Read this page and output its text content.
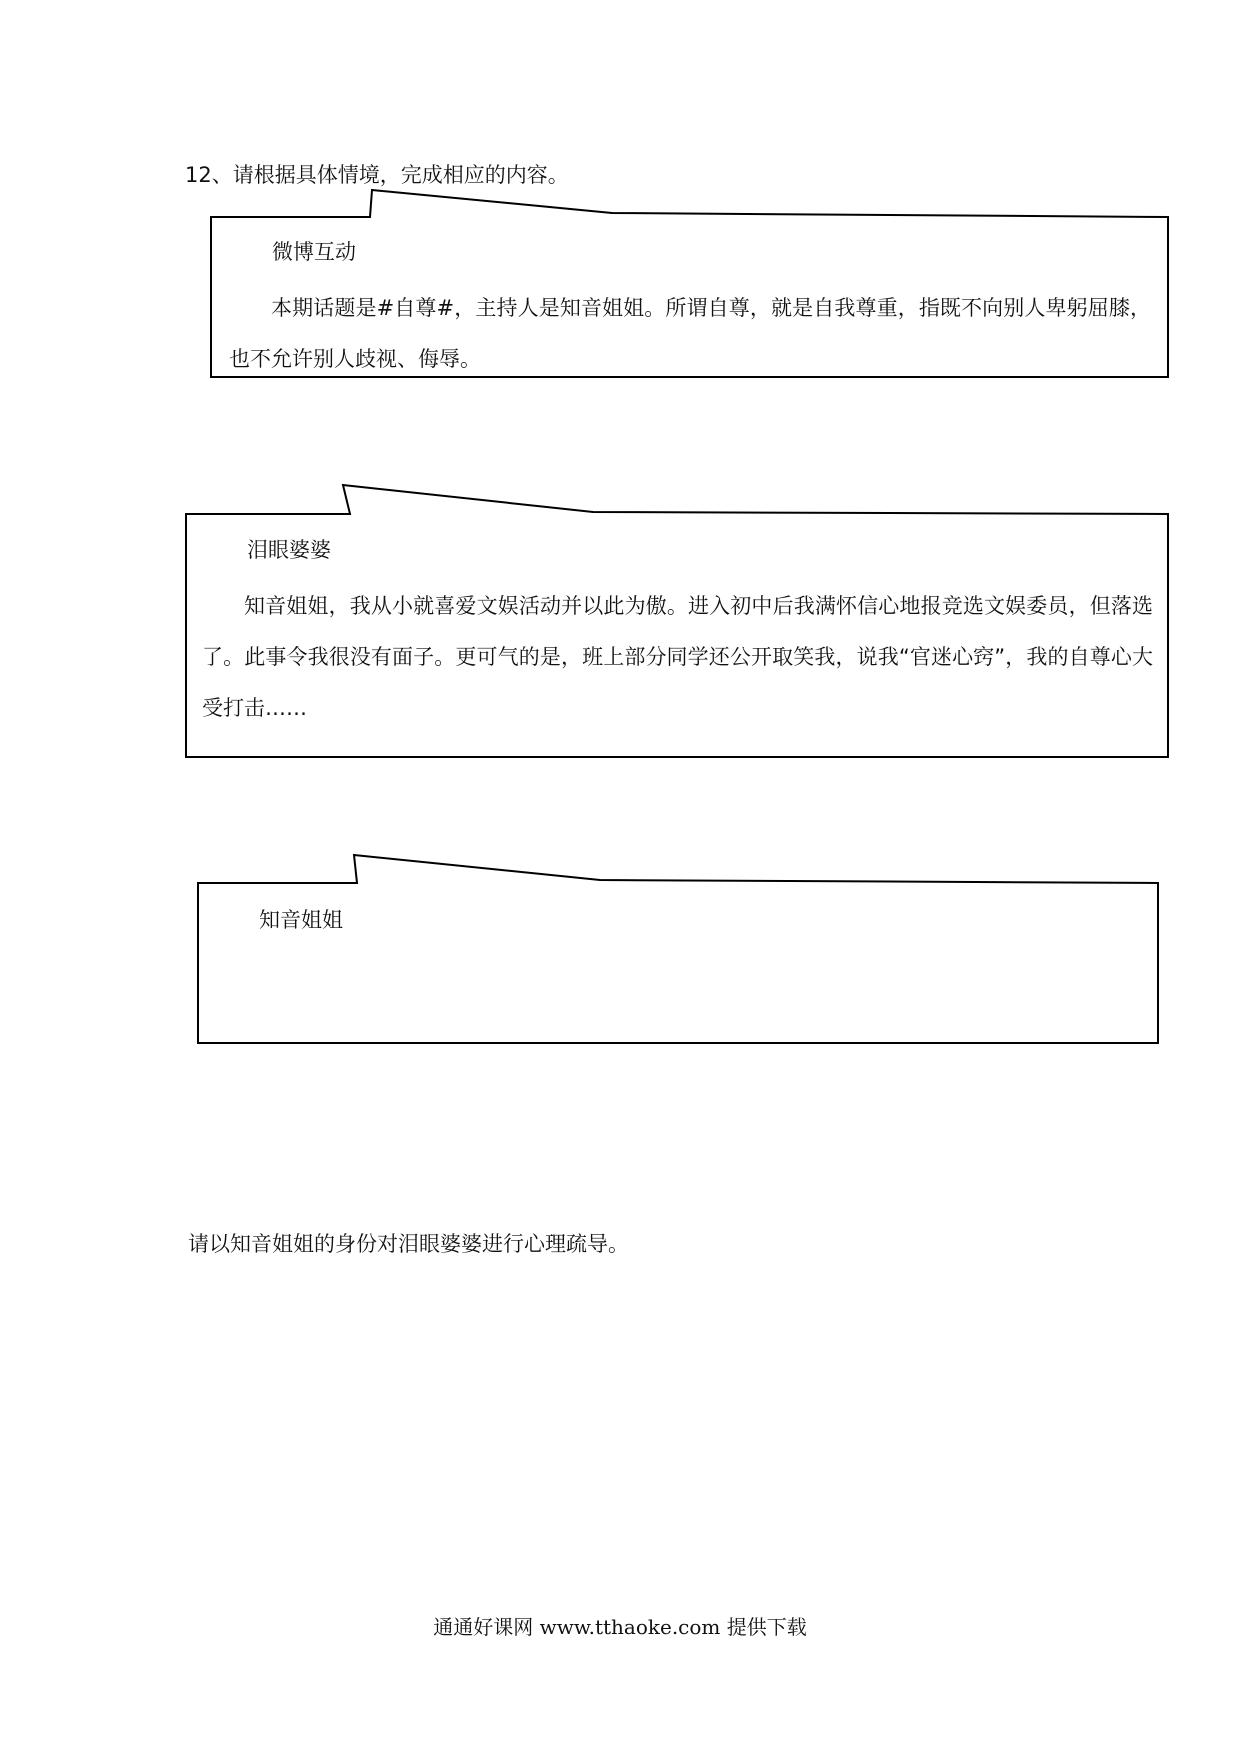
12、请根据具体情境，完成相应的内容。
微博互动
本期话题是#自尊#，主持人是知音姐姐。所谓自尊，就是自我尊重，指既不向别人卑躬屈膝，也不允许别人歧视、侮辱。
泪眼婆婆
知音姐姐，我从小就喜爱文娱活动并以此为傲。进入初中后我满怀信心地报竞选文娱委员，但落选了。此事令我很没有面子。更可气的是，班上部分同学还公开取笑我，说我“官迷心窍”，我的自尊心大受打击……
知音姐姐
请以知音姐姐的身份对泪眼婆婆进行心理疏导。
通通好课网 www.tthaoke.com 提供下载
